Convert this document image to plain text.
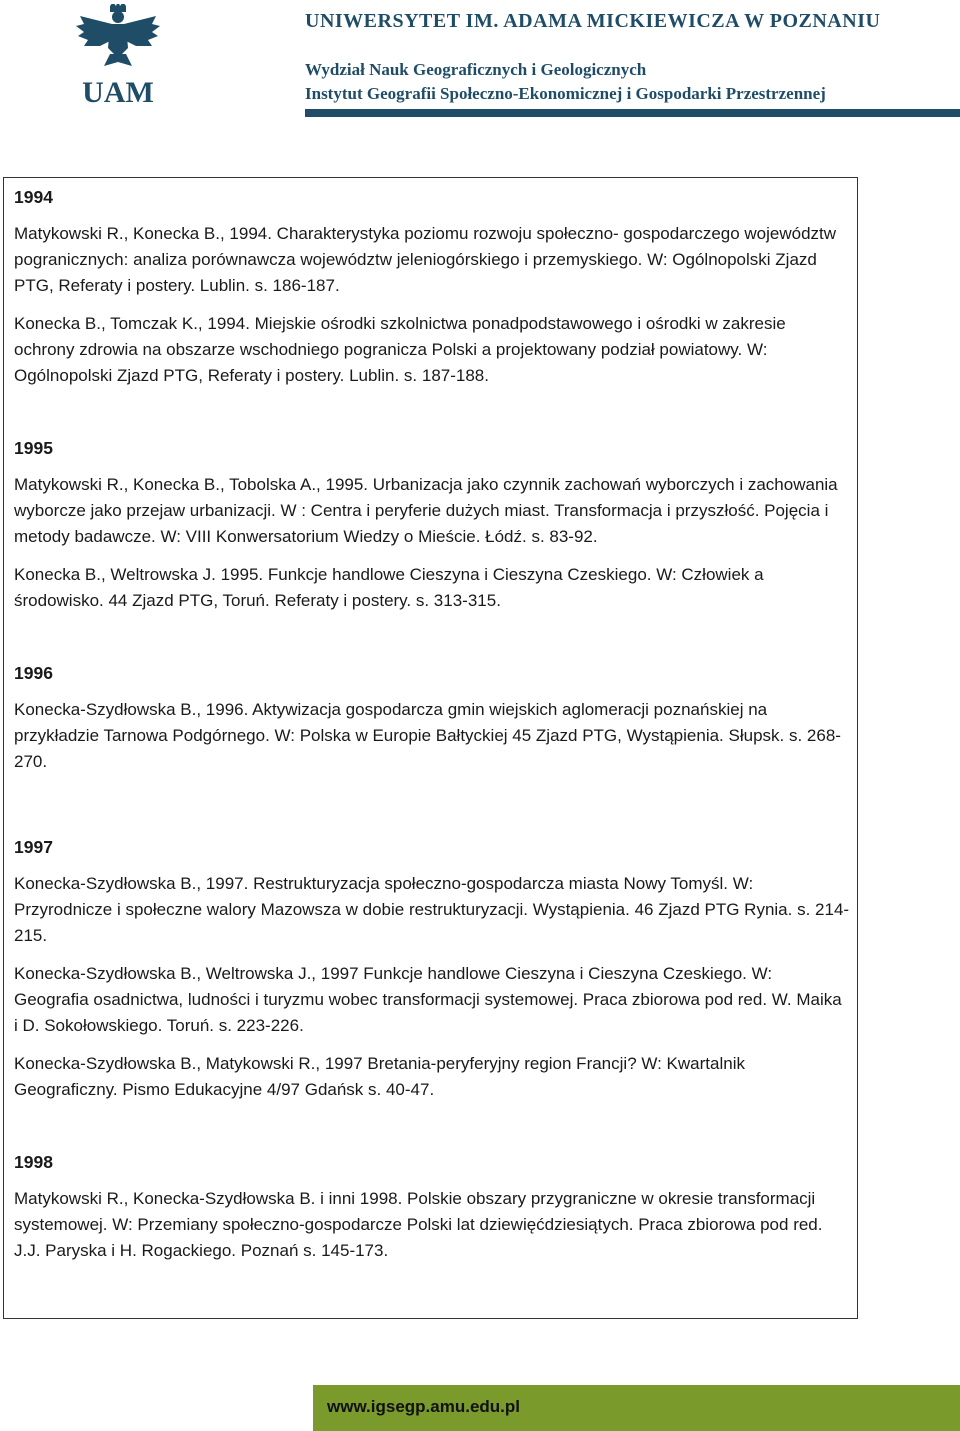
UAM
UNIWERSYTET IM. ADAMA MICKIEWICZA W POZNANIU
Wydział Nauk Geograficznych i Geologicznych
Instytut Geografii Społeczno-Ekonomicznej i Gospodarki Przestrzennej
1994

Matykowski R., Konecka B., 1994. Charakterystyka poziomu rozwoju społeczno- gospodarczego województw pogranicznych: analiza porównawcza województw jeleniogórskiego i przemyskiego. W: Ogólnopolski Zjazd PTG, Referaty i postery. Lublin. s. 186-187.

Konecka B., Tomczak K., 1994. Miejskie ośrodki szkolnictwa ponadpodstawowego i ośrodki w zakresie ochrony zdrowia na obszarze wschodniego pogranicza Polski a projektowany podział powiatowy. W: Ogólnopolski Zjazd PTG, Referaty i postery. Lublin. s. 187-188.

1995

Matykowski R., Konecka B., Tobolska A., 1995. Urbanizacja jako czynnik zachowań wyborczych i zachowania wyborcze jako przejaw urbanizacji. W : Centra i peryferie dużych miast. Transformacja i przyszłość. Pojęcia i metody badawcze. W: VIII Konwersatorium Wiedzy o Mieście. Łódź. s. 83-92.

Konecka B., Weltrowska J. 1995. Funkcje handlowe Cieszyna i Cieszyna Czeskiego. W: Człowiek a środowisko. 44 Zjazd PTG, Toruń. Referaty i postery. s. 313-315.

1996

Konecka-Szydłowska B., 1996. Aktywizacja gospodarcza gmin wiejskich aglomeracji poznańskiej na przykładzie Tarnowa Podgórnego. W: Polska w Europie Bałtyckiej 45 Zjazd PTG, Wystąpienia. Słupsk. s. 268-270.

1997

Konecka-Szydłowska B., 1997. Restrukturyzacja społeczno-gospodarcza miasta Nowy Tomyśl. W: Przyrodnicze i społeczne walory Mazowsza w dobie restrukturyzacji. Wystąpienia. 46 Zjazd PTG Rynia. s. 214-215.

Konecka-Szydłowska B., Weltrowska J., 1997 Funkcje handlowe Cieszyna i Cieszyna Czeskiego. W: Geografia osadnictwa, ludności i turyzmu wobec transformacji systemowej. Praca zbiorowa pod red. W. Maika i D. Sokołowskiego. Toruń. s. 223-226.

Konecka-Szydłowska B., Matykowski R., 1997 Bretania-peryferyjny region Francji? W: Kwartalnik Geograficzny. Pismo Edukacyjne 4/97 Gdańsk s. 40-47.

1998

Matykowski R., Konecka-Szydłowska B. i inni 1998. Polskie obszary przygraniczne w okresie transformacji systemowej. W: Przemiany społeczno-gospodarcze Polski lat dziewięćdziesiątych. Praca zbiorowa pod red. J.J. Paryska i H. Rogackiego. Poznań s. 145-173.

www.igsegp.amu.edu.pl
